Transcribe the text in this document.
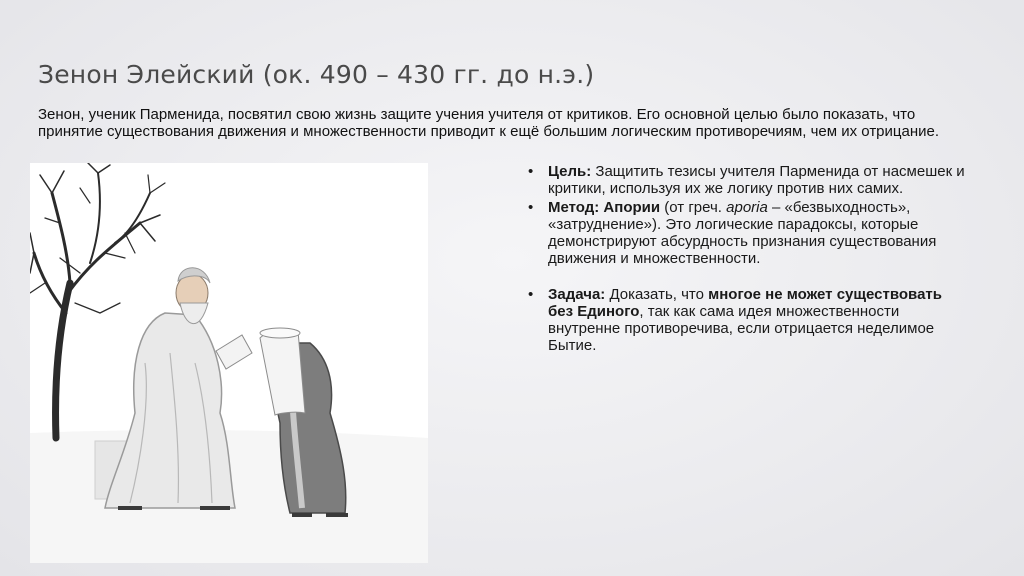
Зенон Элейский (ок. 490 – 430 гг. до н.э.)
Зенон, ученик Парменида, посвятил свою жизнь защите учения учителя от критиков. Его основной целью было показать, что принятие существования движения и множественности приводит к ещё большим логическим противоречиям, чем их отрицание.
• Цель: Защитить тезисы учителя Парменида от насмешек и критики, используя их же логику против них самих.
• Метод: Апории (от греч. aporia – «безвыходность», «затруднение»). Это логические парадоксы, которые демонстрируют абсурдность признания существования движения и множественности.
• Задача: Доказать, что многое не может существовать без Единого, так как сама идея множественности внутренне противоречива, если отрицается неделимое Бытие.
